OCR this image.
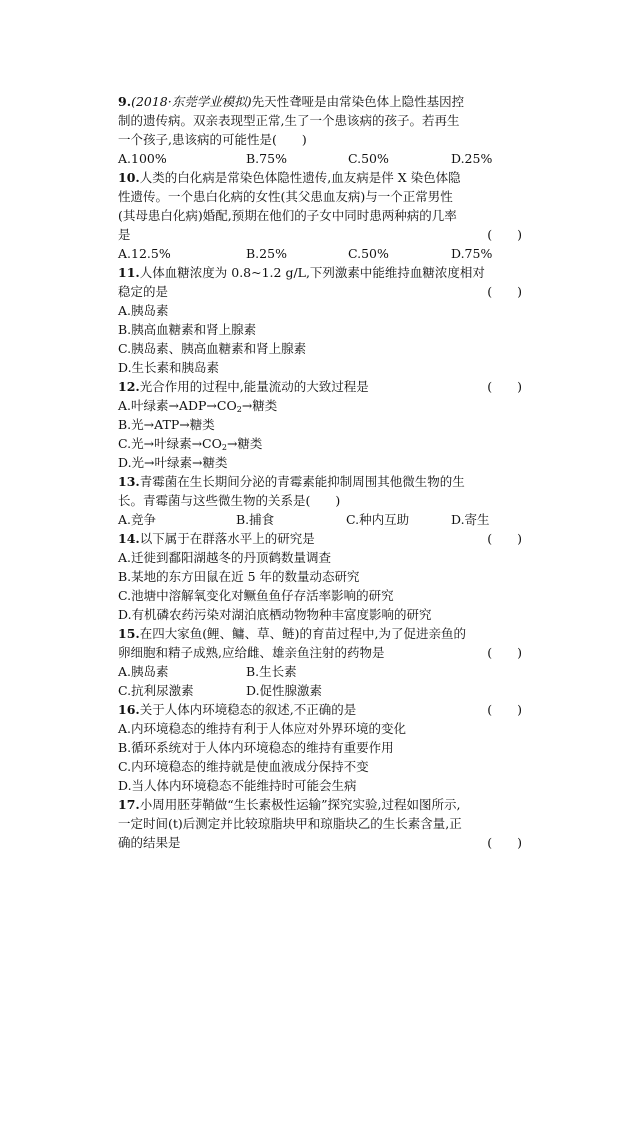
9.(2018·东莞学业模拟)先天性聋哑是由常染色体上隐性基因控
制的遗传病。双亲表现型正常,生了一个患该病的孩子。若再生
一个孩子,患该病的可能性是(　　)
A.100%	B.75%	C.50%	D.25%
10.人类的白化病是常染色体隐性遗传,血友病是伴 X 染色体隐
性遗传。一个患白化病的女性(其父患血友病)与一个正常男性
(其母患白化病)婚配,预期在他们的子女中同时患两种病的几率
是	(　　)
A.12.5%	B.25%	C.50%	D.75%
11.人体血糖浓度为 0.8~1.2 g/L,下列激素中能维持血糖浓度相对
稳定的是	(　　)
A.胰岛素
B.胰高血糖素和肾上腺素
C.胰岛素、胰高血糖素和肾上腺素
D.生长素和胰岛素
12.光合作用的过程中,能量流动的大致过程是	(　　)
A.叶绿素$\to ADP\to CO_2\to$糖类
B.光→ATP→糖类
C.光→叶绿素$\to CO_2\to$糖类
D.光→叶绿素→糖类
13.青霉菌在生长期间分泌的青霉素能抑制周围其他微生物的生
长。青霉菌与这些微生物的关系是(　　)
A.竞争	B.捕食	C.种内互助	D.寄生
14.以下属于在群落水平上的研究是	(　　)
A.迁徙到鄱阳湖越冬的丹顶鹤数量调查
B.某地的东方田鼠在近 5 年的数量动态研究
C.池塘中溶解氧变化对鳜鱼鱼仔存活率影响的研究
D.有机磷农药污染对湖泊底栖动物物种丰富度影响的研究
15.在四大家鱼(鲤、鳙、草、鲢)的育苗过程中,为了促进亲鱼的
卵细胞和精子成熟,应给雌、雄亲鱼注射的药物是	(　　)
A.胰岛素	B.生长素
C.抗利尿激素	D.促性腺激素
16.关于人体内环境稳态的叙述,不正确的是	(　　)
A.内环境稳态的维持有利于人体应对外界环境的变化
B.循环系统对于人体内环境稳态的维持有重要作用
C.内环境稳态的维持就是使血液成分保持不变
D.当人体内环境稳态不能维持时可能会生病
17.小周用胚芽鞘做“生长素极性运输”探究实验,过程如图所示,
一定时间(t)后测定并比较琼脂块甲和琼脂块乙的生长素含量,正
确的结果是	(　　)
